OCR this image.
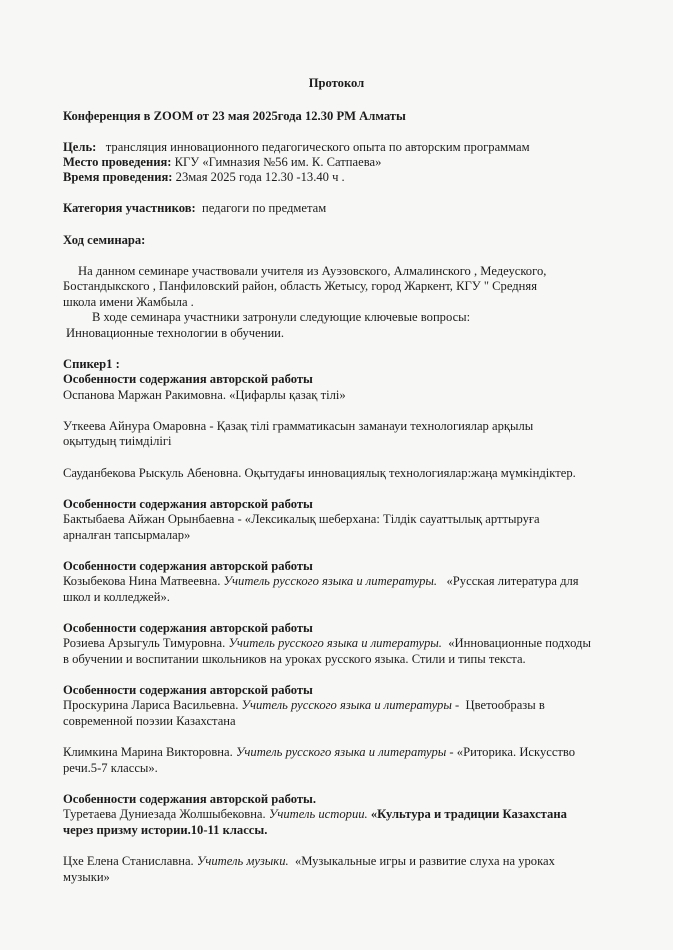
Протокол
Конференция в ZOOM от 23 мая 2025года 12.30 PM Алматы
Цель: трансляция инновационного педагогического опыта по авторским программам
Место проведения: КГУ «Гимназия №56 им. К. Сатпаева»
Время проведения: 23мая 2025 года 12.30 -13.40 ч .
Категория участников: педагоги по предметам
Ход семинара:
На данном семинаре участвовали учителя из Ауэзовского, Алмалинского , Медеуского,
Бостандыкского , Панфиловский район, область Жетысу, город Жаркент, КГУ " Средняя
школа имени Жамбыла .
В ходе семинара участники затронули следующие ключевые вопросы:
Инновационные технологии в обучении.
Спикер1 :
Особенности содержания авторской работы
Оспанова Маржан Ракимовна. «Цифарлы қазақ тілі»
Уткеева Айнура Омаровна - Қазақ тілі грамматикасын заманауи технологиялар арқылы
оқытудың тиімділігі
Сауданбекова Рыскуль Абеновна. Оқытудағы инновациялық технологиялар:жаңа мүмкіндіктер.
Особенности содержания авторской работы
Бактыбаева Айжан Орынбаевна - «Лексикалық шеберхана: Тілдік сауаттылық арттыруға
арналған тапсырмалар»
Особенности содержания авторской работы
Козыбекова Нина Матвеевна. Учитель русского языка и литературы. «Русская литература для
школ и колледжей».
Особенности содержания авторской работы
Розиева Арзыгуль Тимуровна. Учитель русского языка и литературы. «Инновационные подходы
в обучении и воспитании школьников на уроках русского языка. Стили и типы текста.
Особенности содержания авторской работы
Проскурина Лариса Васильевна. Учитель русского языка и литературы - Цветообразы в
современной поэзии Казахстана
Климкина Марина Викторовна. Учитель русского языка и литературы - «Риторика. Искусство
речи.5-7 классы».
Особенности содержания авторской работы.
Туретаева Дуниезада Жолшыбековна. Учитель истории. «Культура и традиции Казахстана
через призму истории.10-11 классы.
Цхе Елена Станиславна. Учитель музыки. «Музыкальные игры и развитие слуха на уроках
музыки»
